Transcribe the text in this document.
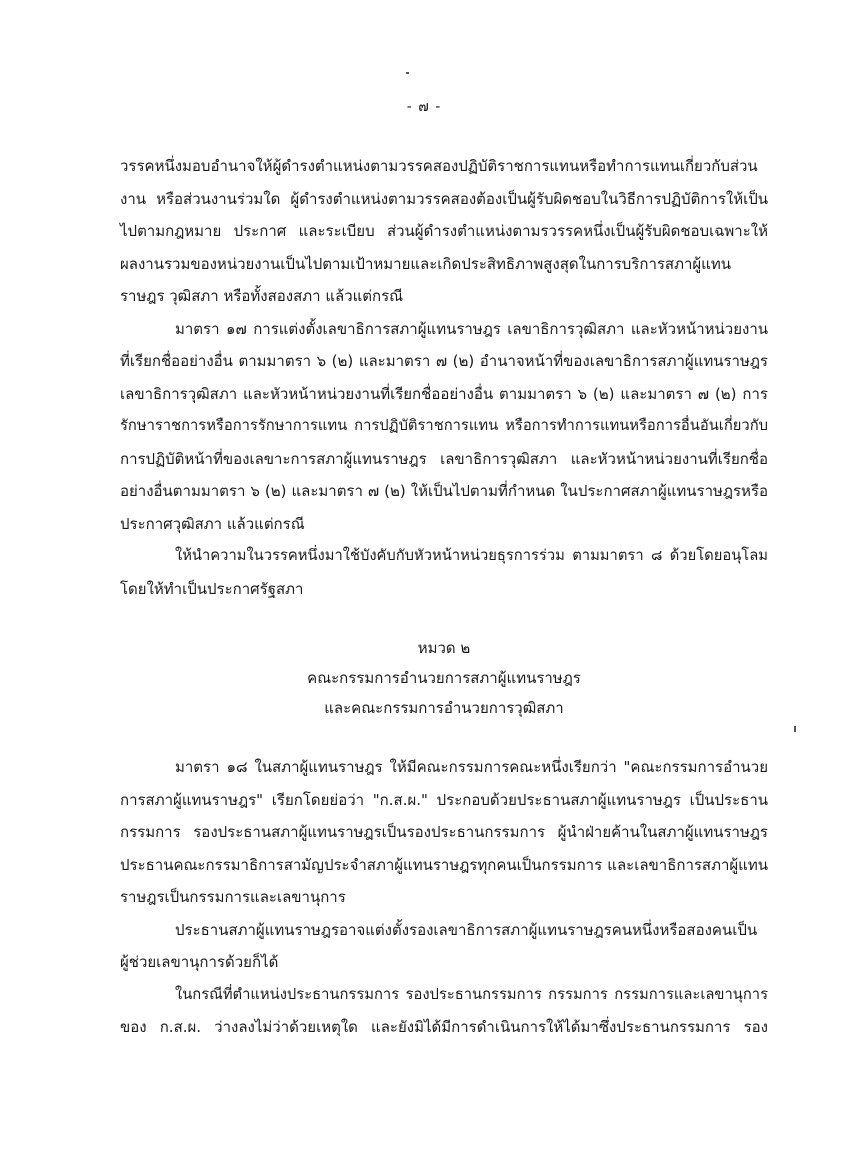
- ๗ -
วรรคหนึ่งมอบอำนาจให้ผู้ดำรงตำแหน่งตามวรรคสองปฏิบัติราชการแทนหรือทำการแทนเกี่ยวกับส่วน
งาน หรือส่วนงานร่วมใด ผู้ดำรงตำแหน่งตามวรรคสองต้องเป็นผู้รับผิดชอบในวิธีการปฏิบัติการให้เป็น
ไปตามกฎหมาย ประกาศ และระเบียบ ส่วนผู้ดำรงตำแหน่งตามรวรรคหนึ่งเป็นผู้รับผิดชอบเฉพาะให้
ผลงานรวมของหน่วยงานเป็นไปตามเป้าหมายและเกิดประสิทธิภาพสูงสุดในการบริการสภาผู้แทน
ราษฎร วุฒิสภา หรือทั้งสองสภา แล้วแต่กรณี
มาตรา ๑๗ การแต่งตั้งเลขาธิการสภาผู้แทนราษฎร เลขาธิการวุฒิสภา และหัวหน้าหน่วยงาน
ที่เรียกชื่ออย่างอื่น ตามมาตรา ๖ (๒) และมาตรา ๗ (๒) อำนาจหน้าที่ของเลขาธิการสภาผู้แทนราษฎร
เลขาธิการวุฒิสภา และหัวหน้าหน่วยงานที่เรียกชื่ออย่างอื่น ตามมาตรา ๖ (๒) และมาตรา ๗ (๒) การ
รักษาราชการหรือการรักษาการแทน การปฏิบัติราชการแทน หรือการทำการแทนหรือการอื่นอันเกี่ยวกับ
การปฏิบัติหน้าที่ของเลขาะการสภาผู้แทนราษฎร เลขาธิการวุฒิสภา และหัวหน้าหน่วยงานที่เรียกชื่อ
อย่างอื่นตามมาตรา ๖ (๒) และมาตรา ๗ (๒) ให้เป็นไปตามที่กำหนด ในประกาศสภาผู้แทนราษฎรหรือ
ประกาศวุฒิสภา แล้วแต่กรณี
ให้นำความในวรรคหนึ่งมาใช้บังคับกับหัวหน้าหน่วยธุรการร่วม ตามมาตรา ๘ ด้วยโดยอนุโลม
โดยให้ทำเป็นประกาศรัฐสภา
หมวด ๒
คณะกรรมการอำนวยการสภาผู้แทนราษฎร
และคณะกรรมการอำนวยการวุฒิสภา
มาตรา ๑๘ ในสภาผู้แทนราษฎร ให้มีคณะกรรมการคณะหนึ่งเรียกว่า "คณะกรรมการอำนวย
การสภาผู้แทนราษฎร" เรียกโดยย่อว่า "ก.ส.ผ." ประกอบด้วยประธานสภาผู้แทนราษฎร เป็นประธาน
กรรมการ รองประธานสภาผู้แทนราษฎรเป็นรองประธานกรรมการ ผู้นำฝ่ายค้านในสภาผู้แทนราษฎร
ประธานคณะกรรมาธิการสามัญประจำสภาผู้แทนราษฎรทุกคนเป็นกรรมการ และเลขาธิการสภาผู้แทน
ราษฎรเป็นกรรมการและเลขานุการ
ประธานสภาผู้แทนราษฎรอาจแต่งตั้งรองเลขาธิการสภาผู้แทนราษฎรคนหนึ่งหรือสองคนเป็น
ผู้ช่วยเลขานุการด้วยก็ได้
ในกรณีที่ตำแหน่งประธานกรรมการ รองประธานกรรมการ กรรมการ กรรมการและเลขานุการ
ของ ก.ส.ผ. ว่างลงไม่ว่าด้วยเหตุใด และยังมิได้มีการดำเนินการให้ได้มาซึ่งประธานกรรมการ รอง
